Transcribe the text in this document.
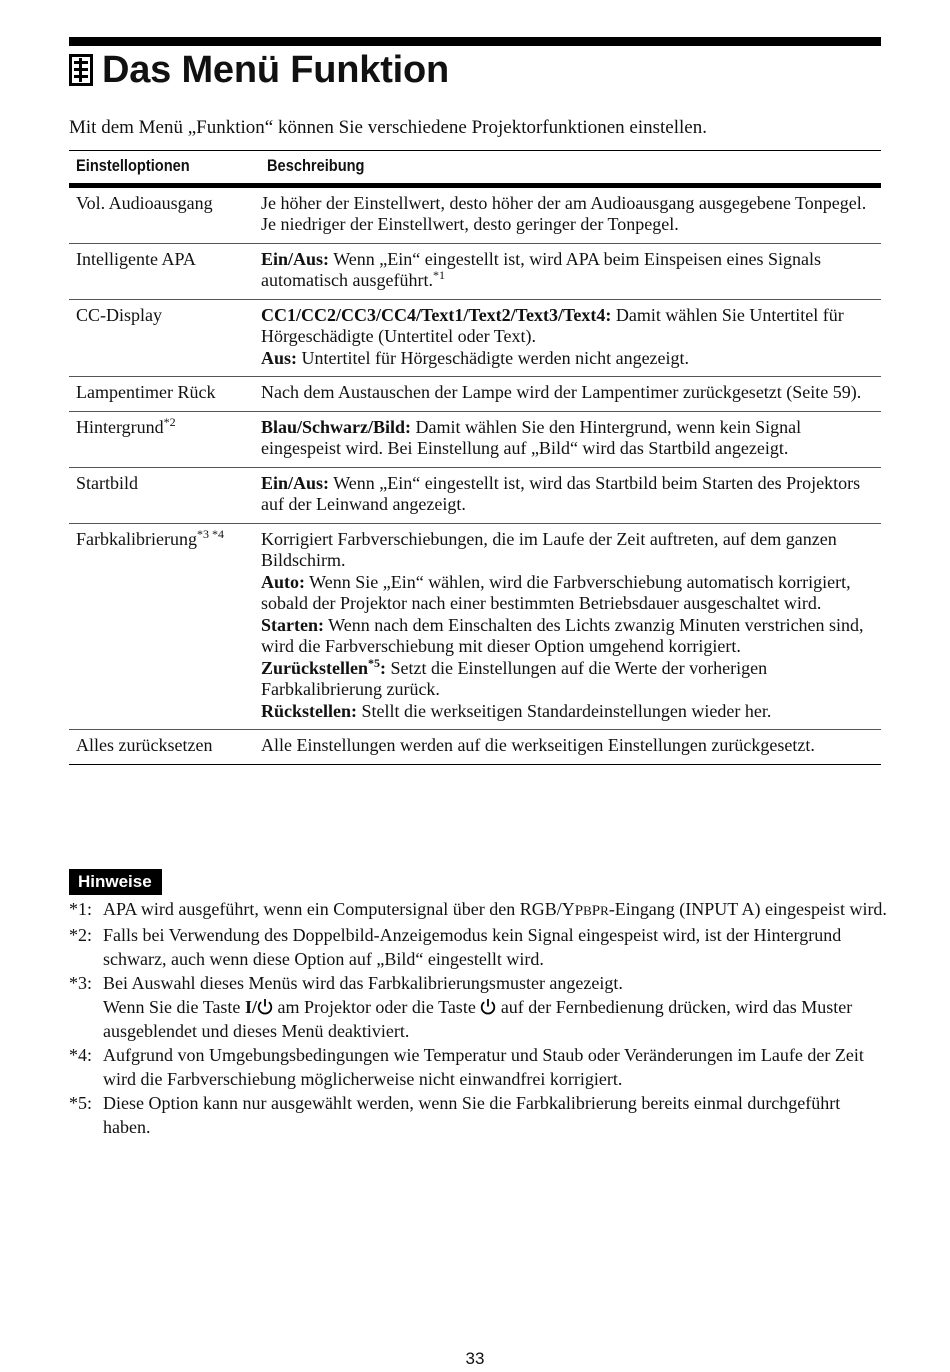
Das Menü Funktion
Mit dem Menü „Funktion“ können Sie verschiedene Projektorfunktionen einstellen.
Einstelloptionen	Beschreibung
Vol. Audioausgang	Je höher der Einstellwert, desto höher der am Audioausgang ausgegebene Tonpegel. Je niedriger der Einstellwert, desto geringer der Tonpegel.

Intelligente APA	Ein/Aus: Wenn „Ein“ eingestellt ist, wird APA beim Einspeisen eines Signals automatisch ausgeführt.$^{*1}$

CC-Display	CC1/CC2/CC3/CC4/Text1/Text2/Text3/Text4: Damit wählen Sie Untertitel für Hörgeschädigte (Untertitel oder Text).
Aus: Untertitel für Hörgeschädigte werden nicht angezeigt.

Lampentimer Rück	Nach dem Austauschen der Lampe wird der Lampentimer zurückgesetzt (Seite 59).

Hintergrund$^{*2}$	Blau/Schwarz/Bild: Damit wählen Sie den Hintergrund, wenn kein Signal eingespeist wird. Bei Einstellung auf „Bild“ wird das Startbild angezeigt.

Startbild	Ein/Aus: Wenn „Ein“ eingestellt ist, wird das Startbild beim Starten des Projektors auf der Leinwand angezeigt.

Farbkalibrierung$^{*3 *4}$	Korrigiert Farbverschiebungen, die im Laufe der Zeit auftreten, auf dem ganzen Bildschirm.
Auto: Wenn Sie „Ein“ wählen, wird die Farbverschiebung automatisch korrigiert, sobald der Projektor nach einer bestimmten Betriebsdauer ausgeschaltet wird.
Starten: Wenn nach dem Einschalten des Lichts zwanzig Minuten verstrichen sind, wird die Farbverschiebung mit dieser Option umgehend korrigiert.
Zurückstellen$^{*5}$: Setzt die Einstellungen auf die Werte der vorherigen Farbkalibrierung zurück.
Rückstellen: Stellt die werkseitigen Standardeinstellungen wieder her.

Alles zurücksetzen	Alle Einstellungen werden auf die werkseitigen Einstellungen zurückgesetzt.
Hinweise
*1: APA wird ausgeführt, wenn ein Computersignal über den RGB/YPBPR-Eingang (INPUT A) eingespeist wird.
*2: Falls bei Verwendung des Doppelbild-Anzeigemodus kein Signal eingespeist wird, ist der Hintergrund schwarz, auch wenn diese Option auf „Bild“ eingestellt wird.
*3: Bei Auswahl dieses Menüs wird das Farbkalibrierungsmuster angezeigt.
Wenn Sie die Taste I/ am Projektor oder die Taste  auf der Fernbedienung drücken, wird das Muster ausgeblendet und dieses Menü deaktiviert.
*4: Aufgrund von Umgebungsbedingungen wie Temperatur und Staub oder Veränderungen im Laufe der Zeit wird die Farbverschiebung möglicherweise nicht einwandfrei korrigiert.
*5: Diese Option kann nur ausgewählt werden, wenn Sie die Farbkalibrierung bereits einmal durchgeführt haben.
33
